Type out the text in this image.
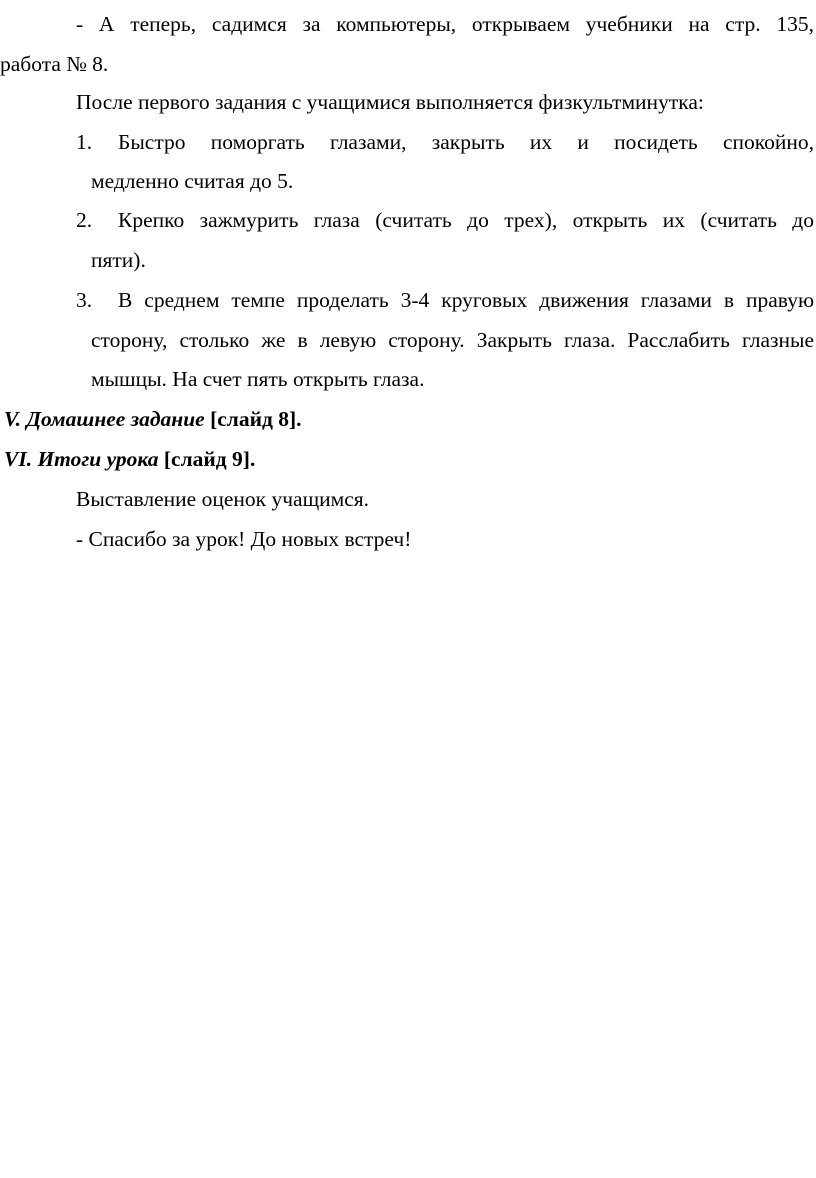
- А теперь, садимся за компьютеры, открываем учебники на стр. 135,
работа № 8.
После первого задания с учащимися выполняется физкультминутка:
1. Быстро поморгать глазами, закрыть их и посидеть спокойно,
медленно считая до 5.
2. Крепко зажмурить глаза (считать до трех), открыть их (считать до
пяти).
3. В среднем темпе проделать 3-4 круговых движения глазами в правую
сторону, столько же в левую сторону. Закрыть глаза. Расслабить глазные
мышцы. На счет пять открыть глаза.
V. Домашнее задание [слайд 8].
VI. Итоги урока [слайд 9].
Выставление оценок учащимся.
- Спасибо за урок! До новых встреч!
